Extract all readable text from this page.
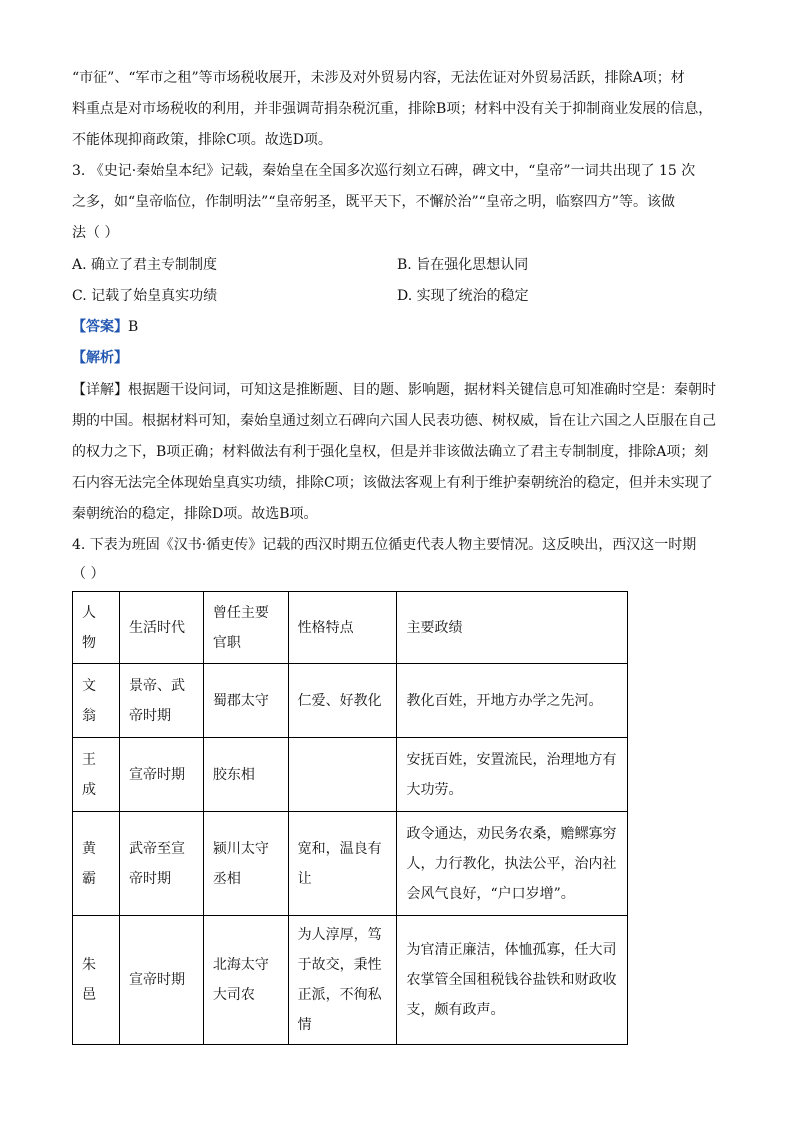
“市征”、“军市之租”等市场税收展开，未涉及对外贸易内容，无法佐证对外贸易活跃，排除A项；材
料重点是对市场税收的利用，并非强调苛捐杂税沉重，排除B项；材料中没有关于抑制商业发展的信息，
不能体现抑商政策，排除C项。故选D项。
3. 《史记·秦始皇本纪》记载，秦始皇在全国多次巡行刻立石碑，碑文中，“皇帝”一词共出现了 15 次
之多，如“皇帝临位，作制明法”“皇帝躬圣，既平天下，不懈於治”“皇帝之明，临察四方”等。该做
法（ ）
A. 确立了君主专制制度	B. 旨在强化思想认同
C. 记载了始皇真实功绩	D. 实现了统治的稳定
【答案】B
【解析】
【详解】根据题干设问词，可知这是推断题、目的题、影响题，据材料关键信息可知准确时空是：秦朝时
期的中国。根据材料可知，秦始皇通过刻立石碑向六国人民表功德、树权威，旨在让六国之人臣服在自己
的权力之下，B项正确；材料做法有利于强化皇权，但是并非该做法确立了君主专制制度，排除A项；刻
石内容无法完全体现始皇真实功绩，排除C项；该做法客观上有利于维护秦朝统治的稳定，但并未实现了
秦朝统治的稳定，排除D项。故选B项。
4. 下表为班固《汉书·循吏传》记载的西汉时期五位循吏代表人物主要情况。这反映出，西汉这一时期
（ ）
人物	生活时代	曾任主要官职	性格特点	主要政绩
文翁	景帝、武帝时期	蜀郡太守	仁爱、好教化	教化百姓，开地方办学之先河。
王成	宣帝时期	胶东相		安抚百姓，安置流民，治理地方有大功劳。
黄霸	武帝至宣帝时期	颍川太守丞相	宽和，温良有让	政令通达，劝民务农桑，赡鳏寡穷人，力行教化，执法公平，治内社会风气良好，“户口岁增”。
朱邑	宣帝时期	北海太守大司农	为人淳厚，笃于故交，秉性正派，不徇私情	为官清正廉洁，体恤孤寡，任大司农掌管全国租税钱谷盐铁和财政收支，颇有政声。
